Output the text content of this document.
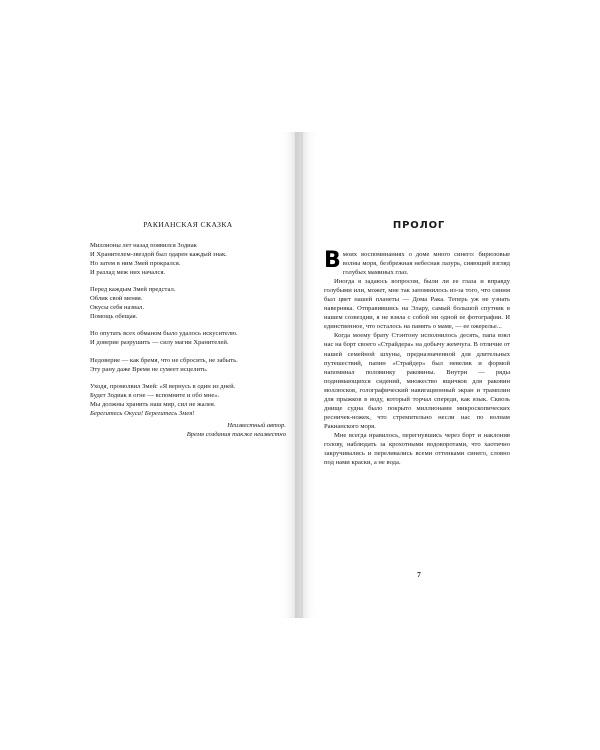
РАКИАНСКАЯ СКАЗКА
Миллионы лет назад появился Зодиак
И Хранителем-звездой был одарен каждый знак.
Но затем в ним Змей прокрался.
И разлад меж них начался.
Перед каждым Змей предстал.
Облик свой меняя.
Окусы себя назвал.
Помощь обещая.
Но опутать всех обманом было удалось искусителю.
И доверие разрушить — силу магии Хранителей.
Недоверие — как бремя, что не сбросить, не забыть.
Эту рану даже Время не сумеет исцелить.
Уходя, промолвил Змей: «Я вернусь в один из дней.
Будет Зодиак в огне — вспомните и обо мне».
Мы должны хранить наш мир, сил не жалея.
Берегитесь Окуса! Берегитесь Змея!
Неизвестный автор.
Время создания также неизвестно
ПРОЛОГ

В моих воспоминаниях о доме много синего: бирюзовые волны моря, безбрежная небесная лазурь, сияющий взгляд голубых маминых глаз.

Иногда я задаюсь вопросом, были ли ее глаза и вправду голубыми или, может, мне так запомнилось из-за того, что синим был цвет нашей планеты — Дома Рака. Теперь уж не узнать наверняка. Отправившись на Элару, самый большой спутник в нашем созвездии, я не взяла с собой ни одной ее фотографии. И единственное, что осталось на память о маме, — ее ожерелье...

Когда моему брату Стэнтону исполнилось десять, папа взял нас на борт своего «Страйдера» на добычу жемчуга. В отличие от нашей семейной шхуны, предназначенной для длительных путешествий, папин «Страйдер» был невелик и формой напоминал половинку раковины. Внутри — ряды поднимающихся сидений, множество ящичков для раковин моллюсков, голографический навигационный экран и трамплин для прыжков в воду, который торчал спереди, как язык. Сквозь днище судна было покрыто миллионами микроскопических ресничек-ножек, что стремительно несли нас по волнам Ракианского моря.

Мне всегда нравилось, перегнувшись через борт и наклонив голову, наблюдать за крохотными водоворотами, что хаотично закручивались и переливались всеми оттенками синего, словно под нами краски, а не вода.

7
